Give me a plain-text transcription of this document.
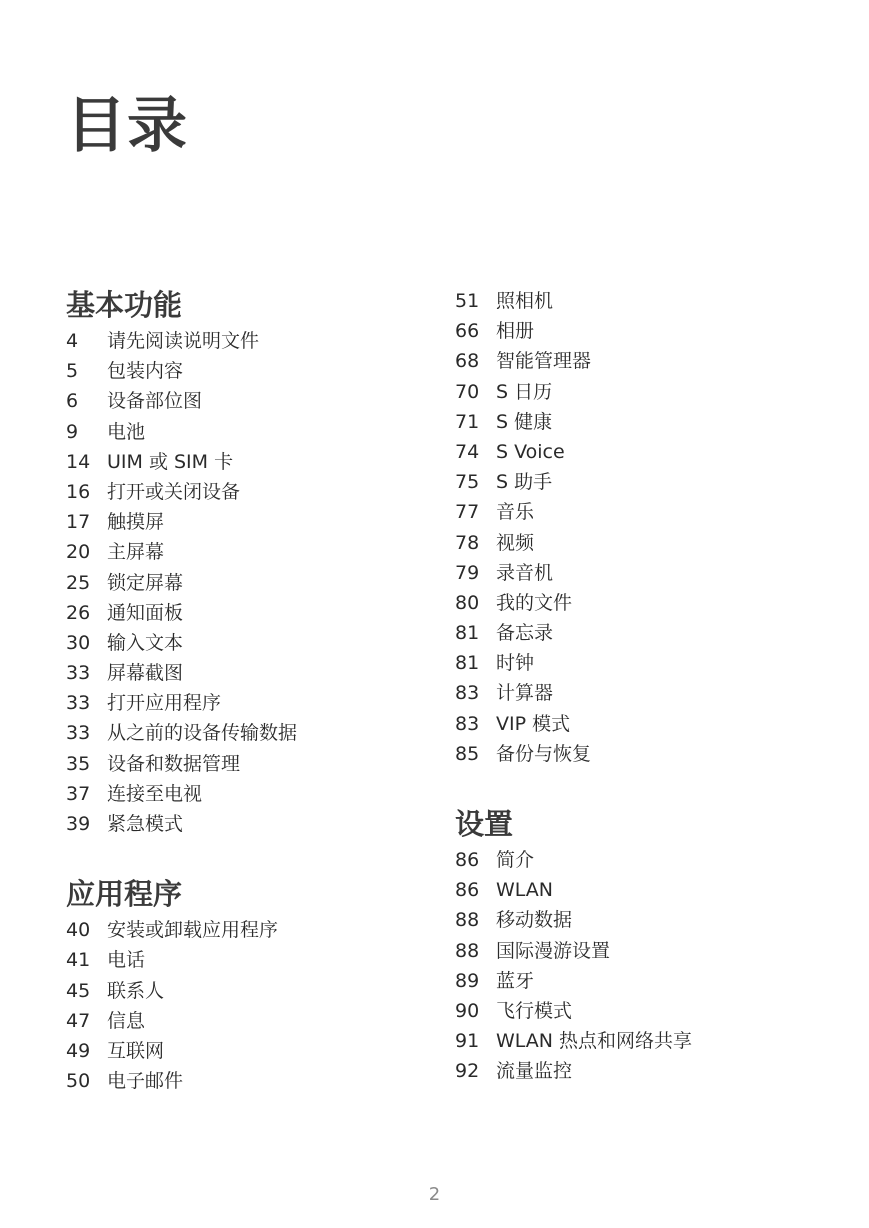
目录
基本功能
4	请先阅读说明文件
5	包装内容
6	设备部位图
9	电池
14 UIM 或 SIM 卡
16 打开或关闭设备
17 触摸屏
20 主屏幕
25 锁定屏幕
26 通知面板
30 输入文本
33 屏幕截图
33 打开应用程序
33 从之前的设备传输数据
35 设备和数据管理
37 连接至电视
39 紧急模式
应用程序
40 安装或卸载应用程序
41 电话
45 联系人
47 信息
49 互联网
50 电子邮件
51 照相机
66 相册
68 智能管理器
70 S 日历
71 S 健康
74 S Voice
75 S 助手
77 音乐
78 视频
79 录音机
80 我的文件
81 备忘录
81 时钟
83 计算器
83 VIP 模式
85 备份与恢复
设置
86 简介
86 WLAN
88 移动数据
88 国际漫游设置
89 蓝牙
90 飞行模式
91 WLAN 热点和网络共享
92 流量监控
2
